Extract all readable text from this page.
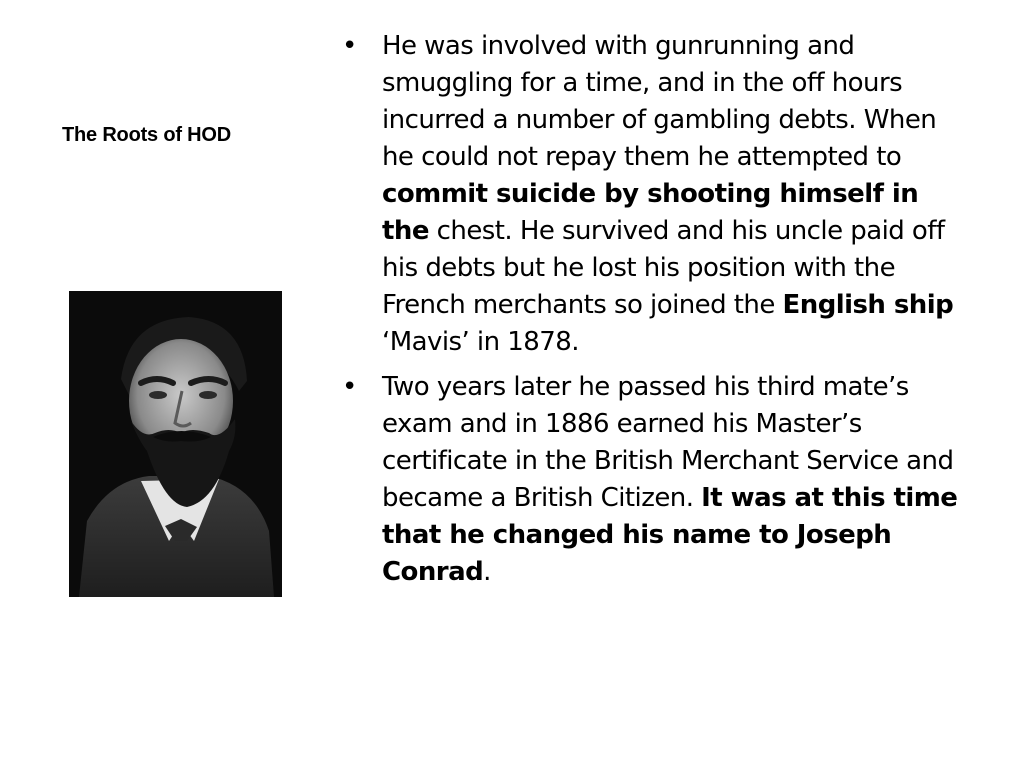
The Roots of HOD
• He was involved with gunrunning and smuggling for a time, and in the off hours incurred a number of gambling debts. When he could not repay them he attempted to commit suicide by shooting himself in the chest. He survived and his uncle paid off his debts but he lost his position with the French merchants so joined the English ship ‘Mavis’ in 1878.
• Two years later he passed his third mate’s exam and in 1886 earned his Master’s certificate in the British Merchant Service and became a British Citizen. It was at this time that he changed his name to Joseph Conrad.
